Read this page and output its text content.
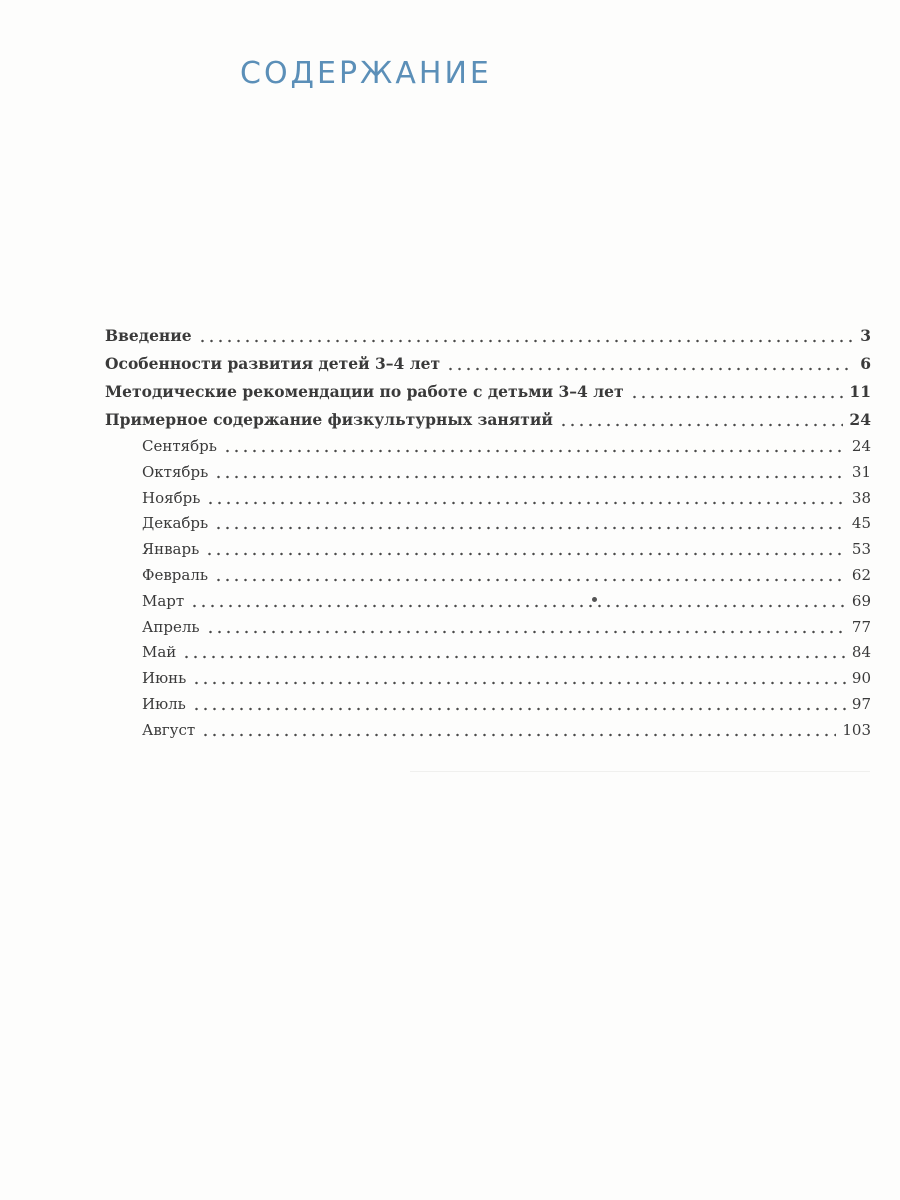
СОДЕРЖАНИЕ
Введение	3
Особенности развития детей 3–4 лет	6
Методические рекомендации по работе с детьми 3–4 лет	11
Примерное содержание физкультурных занятий	24
Сентябрь	24
Октябрь	31
Ноябрь	38
Декабрь	45
Январь	53
Февраль	62
Март	69
Апрель	77
Май	84
Июнь	90
Июль	97
Август	103
